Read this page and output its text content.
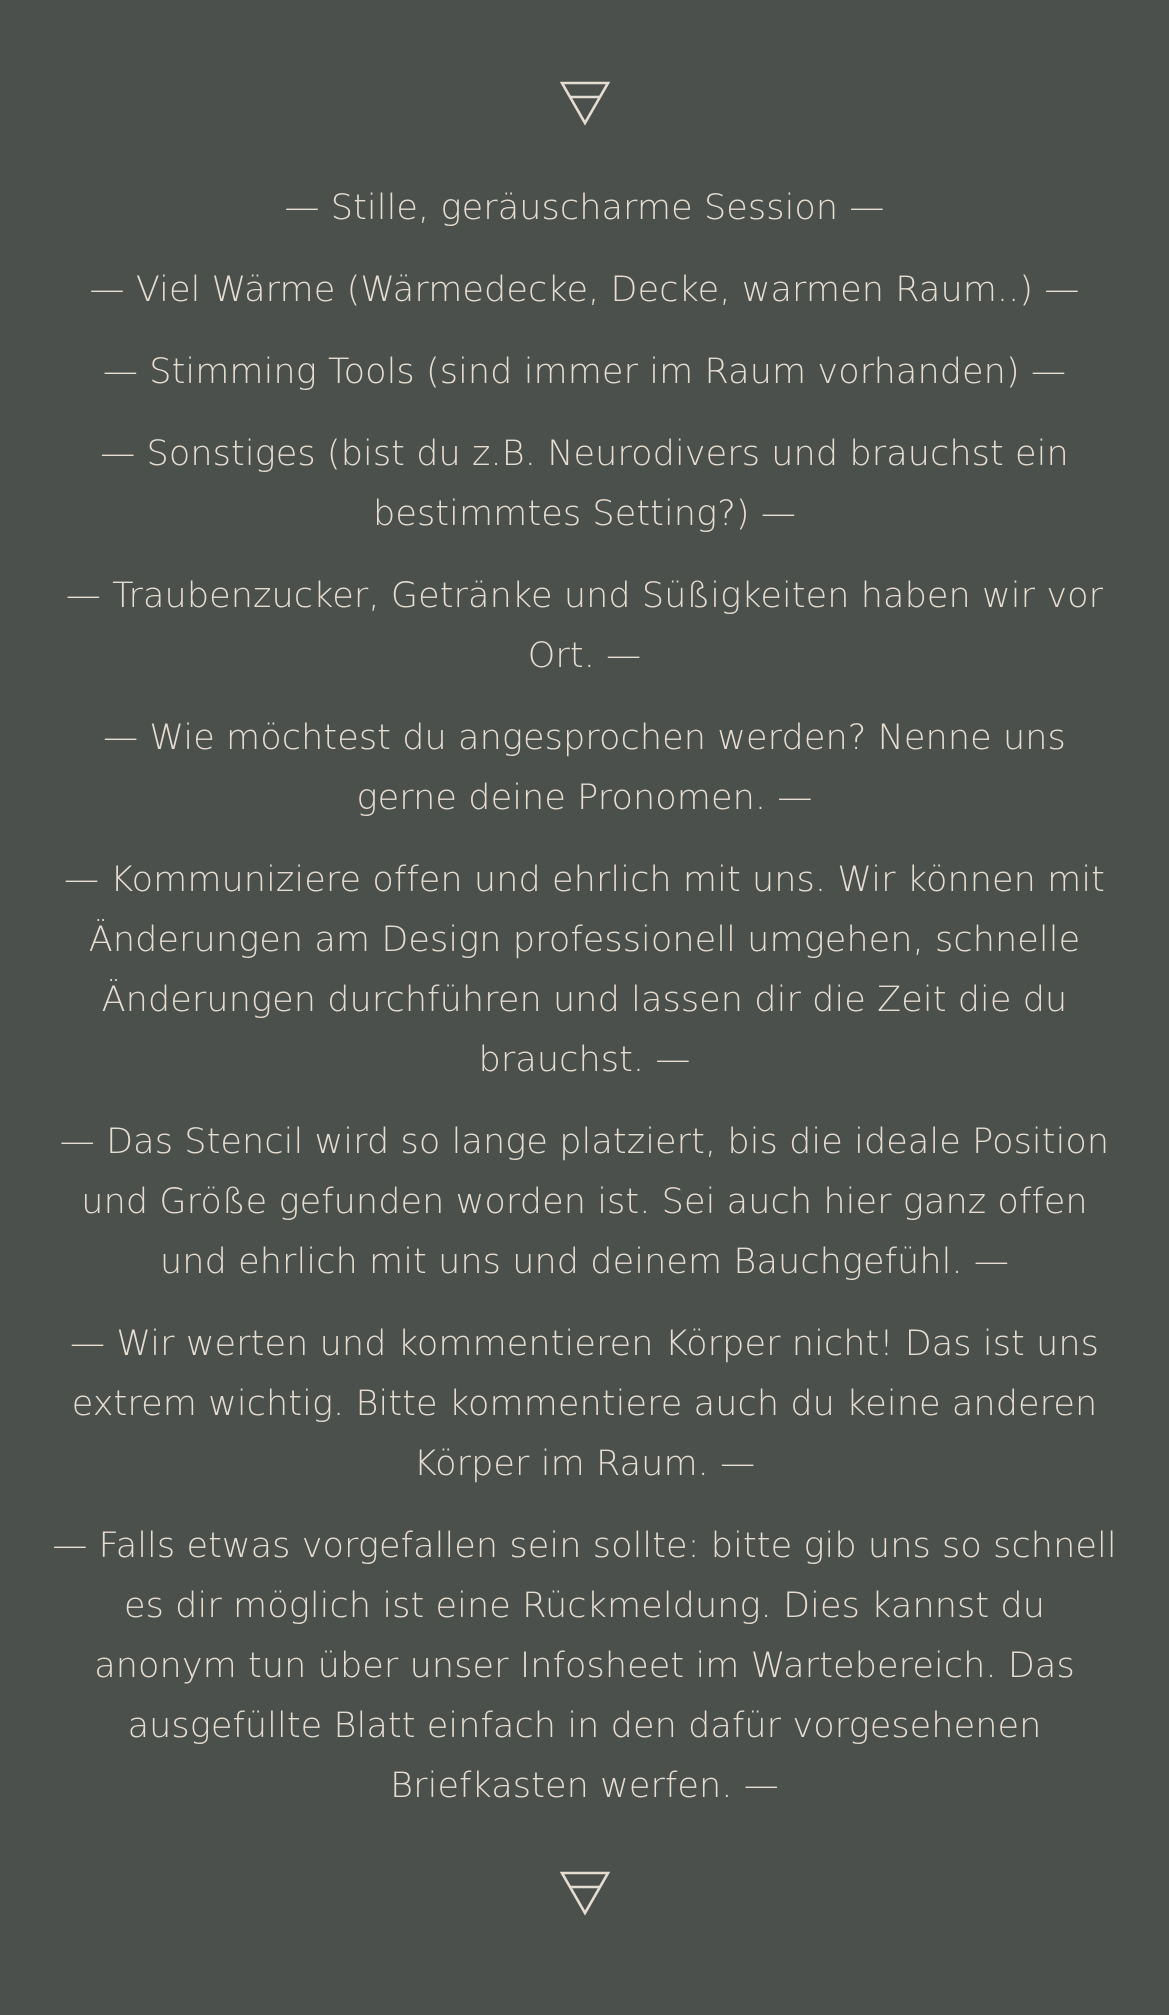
— Stille, geräuscharme Session —
— Viel Wärme (Wärmedecke, Decke, warmen Raum..) —
— Stimming Tools (sind immer im Raum vorhanden) —
— Sonstiges (bist du z.B. Neurodivers und brauchst ein bestimmtes Setting?) —
— Traubenzucker, Getränke und Süßigkeiten haben wir vor Ort. —
— Wie möchtest du angesprochen werden? Nenne uns gerne deine Pronomen. —
— Kommuniziere offen und ehrlich mit uns. Wir können mit Änderungen am Design professionell umgehen, schnelle Änderungen durchführen und lassen dir die Zeit die du brauchst. —
— Das Stencil wird so lange platziert, bis die ideale Position und Größe gefunden worden ist. Sei auch hier ganz offen und ehrlich mit uns und deinem Bauchgefühl. —
— Wir werten und kommentieren Körper nicht! Das ist uns extrem wichtig. Bitte kommentiere auch du keine anderen Körper im Raum. —
— Falls etwas vorgefallen sein sollte: bitte gib uns so schnell es dir möglich ist eine Rückmeldung. Dies kannst du anonym tun über unser Infosheet im Wartebereich. Das ausgefüllte Blatt einfach in den dafür vorgesehenen Briefkasten werfen. —
